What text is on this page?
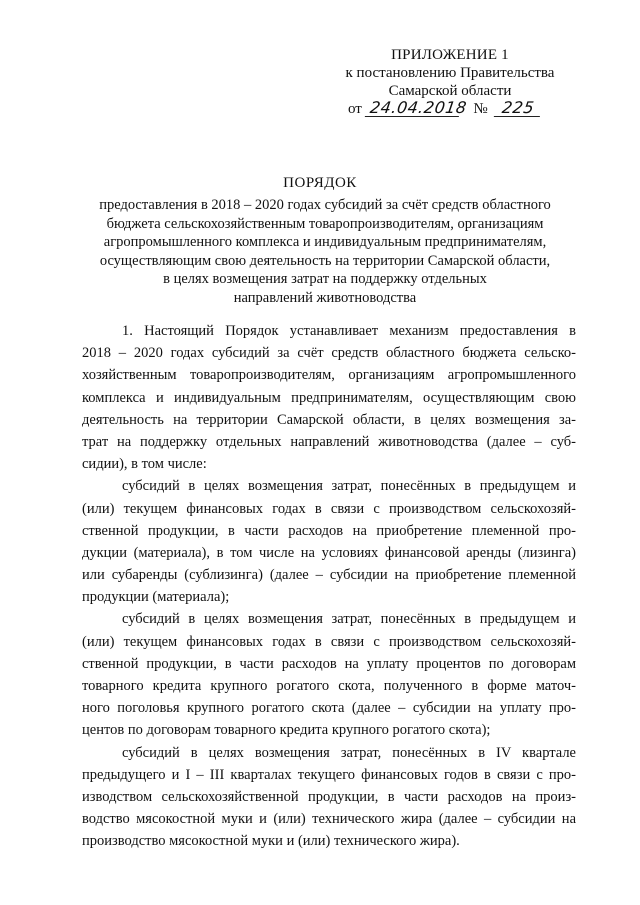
ПРИЛОЖЕНИЕ 1
к постановлению Правительства
Самарской области
от 24.04.2018 № 225
ПОРЯДОК
предоставления в 2018 – 2020 годах субсидий за счёт средств областного
бюджета сельскохозяйственным товаропроизводителям, организациям
агропромышленного комплекса и индивидуальным предпринимателям,
осуществляющим свою деятельность на территории Самарской области,
в целях возмещения затрат на поддержку отдельных
направлений животноводства
1. Настоящий Порядок устанавливает механизм предоставления в
2018 – 2020 годах субсидий за счёт средств областного бюджета сельско-
хозяйственным товаропроизводителям, организациям агропромышленного
комплекса и индивидуальным предпринимателям, осуществляющим свою
деятельность на территории Самарской области, в целях возмещения за-
трат на поддержку отдельных направлений животноводства (далее – суб-
сидии), в том числе:
субсидий в целях возмещения затрат, понесённых в предыдущем и
(или) текущем финансовых годах в связи с производством сельскохозяй-
ственной продукции, в части расходов на приобретение племенной про-
дукции (материала), в том числе на условиях финансовой аренды (лизинга)
или субаренды (сублизинга) (далее – субсидии на приобретение племенной
продукции (материала);
субсидий в целях возмещения затрат, понесённых в предыдущем и
(или) текущем финансовых годах в связи с производством сельскохозяй-
ственной продукции, в части расходов на уплату процентов по договорам
товарного кредита крупного рогатого скота, полученного в форме маточ-
ного поголовья крупного рогатого скота (далее – субсидии на уплату про-
центов по договорам товарного кредита крупного рогатого скота);
субсидий в целях возмещения затрат, понесённых в IV квартале
предыдущего и I – III кварталах текущего финансовых годов в связи с про-
изводством сельскохозяйственной продукции, в части расходов на произ-
водство мясокостной муки и (или) технического жира (далее – субсидии на
производство мясокостной муки и (или) технического жира).
